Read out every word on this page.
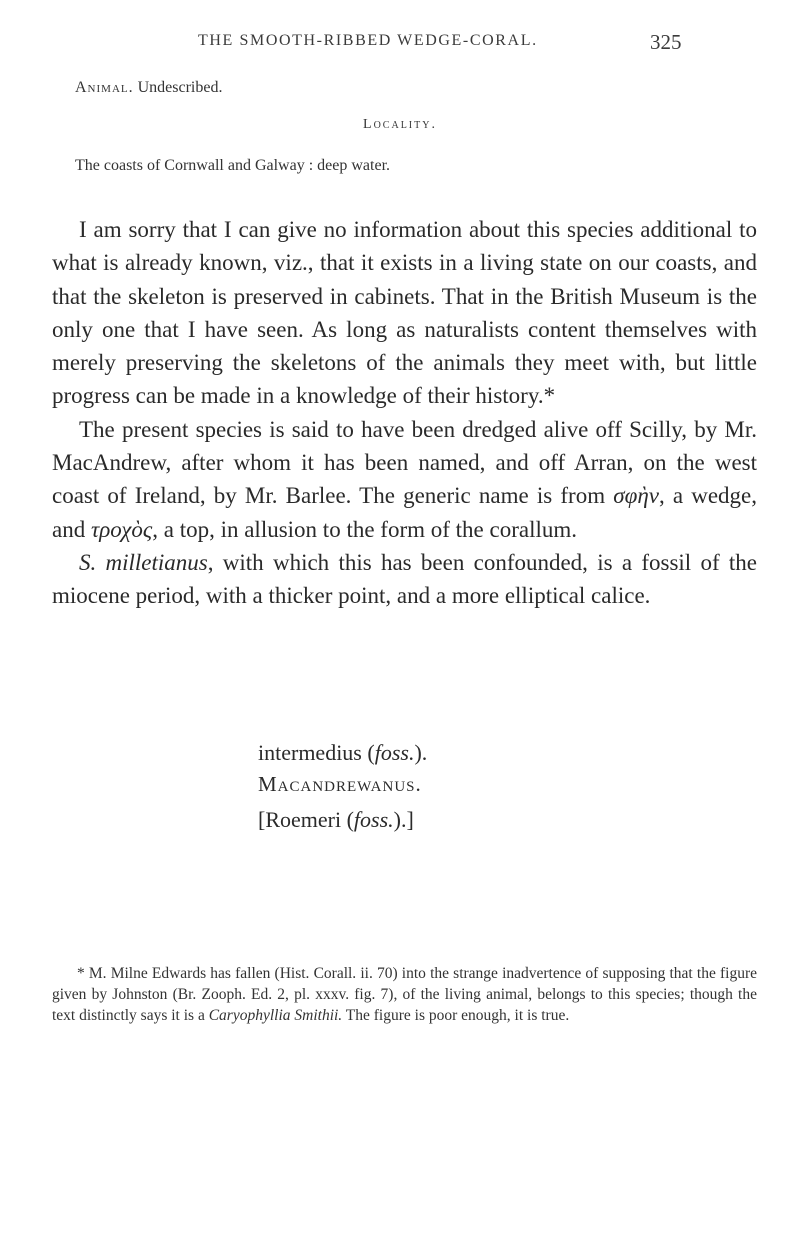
THE SMOOTH-RIBBED WEDGE-CORAL.	325
Animal. Undescribed.
Locality.
The coasts of Cornwall and Galway : deep water.

I am sorry that I can give no information about this species additional to what is already known, viz., that it exists in a living state on our coasts, and that the skeleton is preserved in cabinets. That in the British Museum is the only one that I have seen. As long as naturalists content themselves with merely preserving the skeletons of the animals they meet with, but little progress can be made in a knowledge of their history.*

The present species is said to have been dredged alive off Scilly, by Mr. MacAndrew, after whom it has been named, and off Arran, on the west coast of Ireland, by Mr. Barlee. The generic name is from σφὴν, a wedge, and τροχὸς, a top, in allusion to the form of the corallum.

S. milletianus, with which this has been confounded, is a fossil of the miocene period, with a thicker point, and a more elliptical calice.

intermedius (foss.).
Macandrewanus.
[Roemeri (foss.).]

* M. Milne Edwards has fallen (Hist. Corall. ii. 70) into the strange inadvertence of supposing that the figure given by Johnston (Br. Zooph. Ed. 2, pl. xxxv. fig. 7), of the living animal, belongs to this species; though the text distinctly says it is a Caryophyllia Smithii. The figure is poor enough, it is true.
